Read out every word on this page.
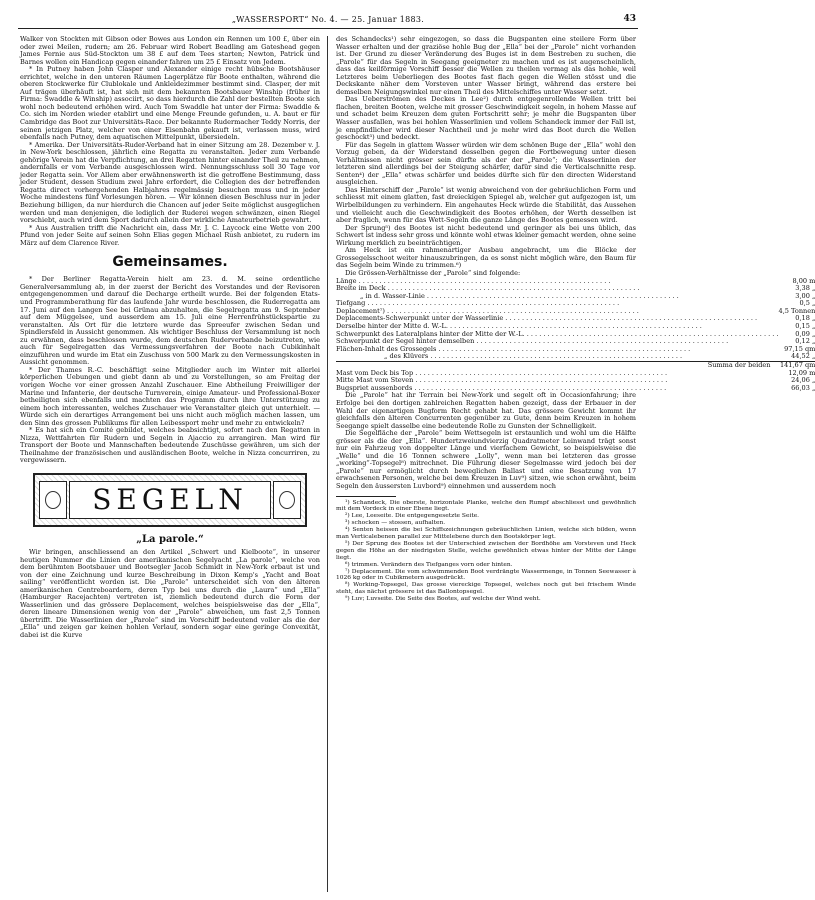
„WASSERSPORT“ No. 4. — 25. Januar 1883.	43

Walker von Stockten mit Gibson oder Bowes aus London ein Rennen um 100 £, über ein oder zwei Meilen, rudern; am 26. Februar wird Robert Beadling am Gateshead gegen James Fernie aus Süd-Stockton um 38 £ auf dem Tees starten; Newton, Patrick und Barnes wollen ein Handicap gegen einander fahren um 25 £ Einsatz von Jedem.

* In Putney haben John Clasper und Alexander einige recht hübsche Bootshäuser errichtet, welche in den unteren Räumen Lagerplätze für Boote enthalten, während die oberen Stockwerke für Clublokale und Ankleidezimmer bestimmt sind. Clasper, der mit Auf trägen überhäuft ist, hat sich mit dem bekannten Bootsbauer Winship (früher in Firma: Swaddle & Winship) associirt, so dass hierdurch die Zahl der bestellten Boote sich wohl noch bedeutend erhöhen wird. Auch Tom Swaddle hat unter der Firma: Swaddle & Co. sich im Norden wieder etablirt und eine Menge Freunde gefunden, u. A. baut er für Cambridge das Boot zur Universitäts-Race. Der bekannte Rudermacher Teddy Norris, der seinen jetzigen Platz, welcher von einer Eisenbahn gekauft ist, verlassen muss, wird ebenfalls nach Putney, dem aquatischen Mittelpunkt, übersiedeln.

* Amerika. Der Universitäts-Ruder-Verband hat in einer Sitzung am 28. Dezember v. J. in New-York beschlossen, jährlich eine Regatta zu veranstalten. Jeder zum Verbande gehörige Verein hat die Verpflichtung, an drei Regatten hinter einander Theil zu nehmen, andernfalls er vom Verbande ausgeschlossen wird. Nennungsschluss soll 30 Tage vor jeder Regatta sein. Vor Allem aber erwähnenswerth ist die getroffene Bestimmung, dass jeder Student, dessen Studium zwei Jahre erfordert, die Collegien des der betreffenden Regatta direct vorhergehenden Halbjahres regelmässig besuchen muss und in jeder Woche mindestens fünf Vorlesungen hören. — Wir können diesen Beschluss nur in jeder Beziehung billigen, da nur hierdurch die Chancen auf jeder Seite möglichst ausgeglichen werden und man denjenigen, die lediglich der Ruderei wegen schwänzen, einen Riegel vorschiebt, auch wird dem Sport dadurch allein der wirkliche Amateurbetrieb gewahrt.

* Aus Australien trifft die Nachricht ein, dass Mr. J. C. Laycock eine Wette von 200 Pfund von jeder Seite auf seinen Sohn Elias gegen Michael Rush anbietet, zu rudern im März auf dem Clarence River.

Gemeinsames.

* Der Berliner Regatta-Verein hielt am 23. d. M. seine ordentliche Generalversammlung ab, in der zuerst der Bericht des Vorstandes und der Revisoren entgegengenommen und darauf die Decharge ertheilt wurde. Bei der folgenden Etats- und Programmberathung für das laufende Jahr wurde beschlossen, die Ruderregatta am 17. Juni auf den Langen See bei Grünau abzuhalten, die Segelregatta am 9. September auf dem Müggelsee, und ausserdem am 15. Juli eine Herrenfrühstückspartie zu veranstalten. Als Ort für die letztere wurde das Spreeufer zwischen Sedan und Spindlersfeld in Aussicht genommen. Als wichtiger Beschluss der Versammlung ist noch zu erwähnen, dass beschlossen wurde, dem deutschen Ruderverbande beizutreten, wie auch für Segelregatten das Vermessungsverfahren der Boote nach Cubikinhalt einzuführen und wurde im Etat ein Zuschuss von 500 Mark zu den Vermessungskosten in Aussicht genommen.

* Der Thames R.-C. beschäftigt seine Mitglieder auch im Winter mit allerlei körperlichen Uebungen und giebt dann ab und zu Vorstellungen, so am Freitag der vorigen Woche vor einer grossen Anzahl Zuschauer. Eine Abtheilung Freiwilliger der Marine und Infanterie, der deutsche Turnverein, einige Amateur- und Professional-Boxer betheiligten sich ebenfalls und machten das Programm durch ihre Unterstützung zu einem hoch interessanten, welches Zuschauer wie Veranstalter gleich gut unterhielt. — Würde sich ein derartiges Arrangement bei uns nicht auch möglich machen lassen, um den Sinn des grossen Publikums für allen Leibessport mehr und mehr zu entwickeln?

* Es hat sich ein Comité gebildet, welches beabsichtigt, sofort nach den Regatten in Nizza, Wettfahrten für Rudern und Segeln in Ajaccio zu arrangiren. Man wird für Transport der Boote und Mannschaften bedeutende Zuschüsse gewähren, um sich der Theilnahme der französischen und ausländischen Boote, welche in Nizza concurriren, zu vergewissern.

SEGELN
„La parole.“

Wir bringen, anschliessend an den Artikel „Schwert und Kielboote“, in unserer heutigen Nummer die Linien der amerikanischen Segelyacht „La parole“, welche von dem berühmten Bootsbauer und Bootsegler Jacob Schmidt in New-York erbaut ist und von der eine Zeichnung und kurze Beschreibung in Dixon Kemp's „Yacht and Boat sailing“ veröffentlicht worden ist. Die „Parole“ unterscheidet sich von den älteren amerikanischen Centreboardern, deren Typ bei uns durch die „Laura“ und „Ella“ (Hamburger Racejachten) vertreten ist, ziemlich bedeutend durch die Form der Wasserlinien und das grössere Deplacement, welches beispielsweise das der „Ella“, deren lineare Dimensionen wenig von der „Parole“ abweichen, um fast 2,5 Tonnen übertrifft. Die Wasserlinien der „Parole“ sind im Vorschiff bedeutend voller als die der „Ella“ und zeigen gar keinen hohlen Verlauf, sondern sogar eine geringe Convexität, dabei ist die Kurve

des Schandecks¹) sehr eingezogen, so dass die Bugspanten eine steilere Form über Wasser erhalten und der graziöse hohle Bug der „Ella“ bei der „Parole“ nicht vorhanden ist. Der Grund zu dieser Veränderung des Buges ist in dem Bestreben zu suchen, die „Parole“ für das Segeln in Seegang geeigneter zu machen und es ist augenscheinlich, dass das keilförmige Vorschiff besser die Wellen zu theilen vermag als das hohle, weil Letzteres beim Ueberliegen des Bootes fast flach gegen die Wellen stösst und die Deckskante näher dem Vorsteven unter Wasser bringt, während das erstere bei demselben Neigungswinkel nur einen Theil des Mittelschiffes unter Wasser setzt.

Das Ueberströmen des Deckes in Lee²) durch entgegenrollende Wellen tritt bei flachen, breiten Booten, welche mit grosser Geschwindigkeit segeln, in hohem Masse auf und schadet beim Kreuzen dem guten Fortschritt sehr; je mehr die Bugspanten über Wasser ausfallen, was bei hohlen Wasserlinien und vollem Schandeck immer der Fall ist, je empfindlicher wird dieser Nachtheil und je mehr wird das Boot durch die Wellen geschockt³) und bedeckt.

Für das Segeln in glattem Wasser würden wir dem schönen Buge der „Ella“ wohl den Vorzug geben, da der Widerstand desselben gegen die Fortbewegung unter diesen Verhältnissen nicht grösser sein dürfte als der der „Parole“; die Wasserlinien der letzteren sind allerdings bei der Steigung schärfer, dafür sind die Verticalschnitte resp. Senten⁴) der „Ella“ etwas schärfer und beides dürfte sich für den directen Widerstand ausgleichen.

Das Hinterschiff der „Parole“ ist wenig abweichend von der gebräuchlichen Form und schliesst mit einem glatten, fast dreieckigen Spiegel ab, welcher gut aufgezogen ist, um Wirbelbildungen zu verhindern. Ein angehautes Heck würde die Stabilität, das Aussehen und vielleicht auch die Geschwindigkeit des Bootes erhöhen, der Werth desselben ist aber fraglich, wenn für das Wett-Segeln die ganze Länge des Bootes gemessen wird.

Der Sprung⁵) des Bootes ist nicht bedeutend und geringer als bei uns üblich, das Schwert ist indess sehr gross und könnte wohl etwas kleiner gemacht werden, ohne seine Wirkung merklich zu beeinträchtigen.

Am Heck ist ein rahmenartiger Ausbau angebracht, um die Blöcke der Grossegelsschoot weiter hinauszubringen, da es sonst nicht möglich wäre, den Baum für das Segeln beim Winde zu trimmen.⁶)

Die Grössen-Verhältnisse der „Parole“ sind folgende:

Länge . . .	8,00 m
Breite im Deck . . .	3,38 „
„ in d. Wasser-Linie . . .	3,00 „
Tiefgang . . .	0,5 „
Deplacement⁷) . . .	4,5 Tonnen
Deplacements-Schwerpunkt unter der Wasserlinie . . .	0,18 „
Derselbe hinter der Mitte d. W.-L. . . .	0,15 „
Schwerpunkt des Lateralplans hinter der Mitte der W.-L. . . .	0,09 „
Schwerpunkt der Segel hinter demselben . . .	0,12 „
Flächen-Inhalt des Grossegels . . .	97,15 qm
„ des Klüvers . . .	44,52 „
Summa der beiden	141,67 qm
Mast vom Deck bis Top . . .	12,09 m
Mitte Mast vom Steven . . .	24,06 „
Bugspriet aussenbords . . .	66,03 „

Die „Parole“ hat ihr Terrain bei New-York und segelt oft in Occasionfahrung; ihre Erfolge bei den dortigen zahlreichen Regatten haben gezeigt, dass der Erbauer in der Wahl der eigenartigen Bugform Recht gehabt hat. Das grössere Gewicht kommt ihr gleichfalls den älteren Concurrenten gegenüber zu Gute, denn beim Kreuzen in hohem Seegange spielt dasselbe eine bedeutende Rolle zu Gunsten der Schnelligkeit.

Die Segelfläche der „Parole“ beim Wettsegeln ist erstaunlich und wohl um die Hälfte grösser als die der „Ella“. Hundertzweiundvierzig Quadratmeter Leinwand trägt sonst nur ein Fahrzeug von doppelter Länge und vierfachem Gewicht, so beispielsweise die „Welle“ und die 16 Tonnen schwere „Lolly“, wenn man bei letzteren das grosse „working“-Topsegel⁸) mitrechnet. Die Führung dieser Segelmasse wird jedoch bei der „Parole“ nur ermöglicht durch beweglichen Ballast und eine Besatzung von 17 erwachsenen Personen, welche bei dem Kreuzen in Luv⁹) sitzen, wie schon erwähnt, beim Segeln den äussersten Luvbord⁹) einnehmen und ausserdem noch

¹) Schandeck, Die oberste, horizontale Planke, welche den Rumpf abschliesst und gewöhnlich mit dem Vordeck in einer Ebene liegt.

²) Lee, Leeseite. Die entgegengesetzte Seite.

³) schocken — stossen, aufhalten.

⁴) Senten heissen die bei Schiffszeichnungen gebräuchlichen Linien, welche sich bilden, wenn man Verticalebenen parallel zur Mittelebene durch den Bootskörper legt.

⁵) Der Sprung des Bootes ist der Unterschied zwischen der Bordhöhe am Vorsteven und Heck gegen die Höhe an der niedrigsten Stelle, welche gewöhnlich etwas hinter der Mitte der Länge liegt.

⁶) trimmen. Verändern des Tiefganges vorn oder hinten.

⁷) Deplacement. Die vom schwimmenden Boot verdrängte Wassermenge, in Tonnen Seewasser à 1026 kg oder in Cubikmetern ausgedrückt.

⁸) Working-Topsegel, Das grosse viereckige Topsegel, welches noch gut bei frischem Winde steht, das nächst grössere ist das Ballontopsegel.

⁹) Luv; Luvseite. Die Seite des Bootes, auf welche der Wind weht.
